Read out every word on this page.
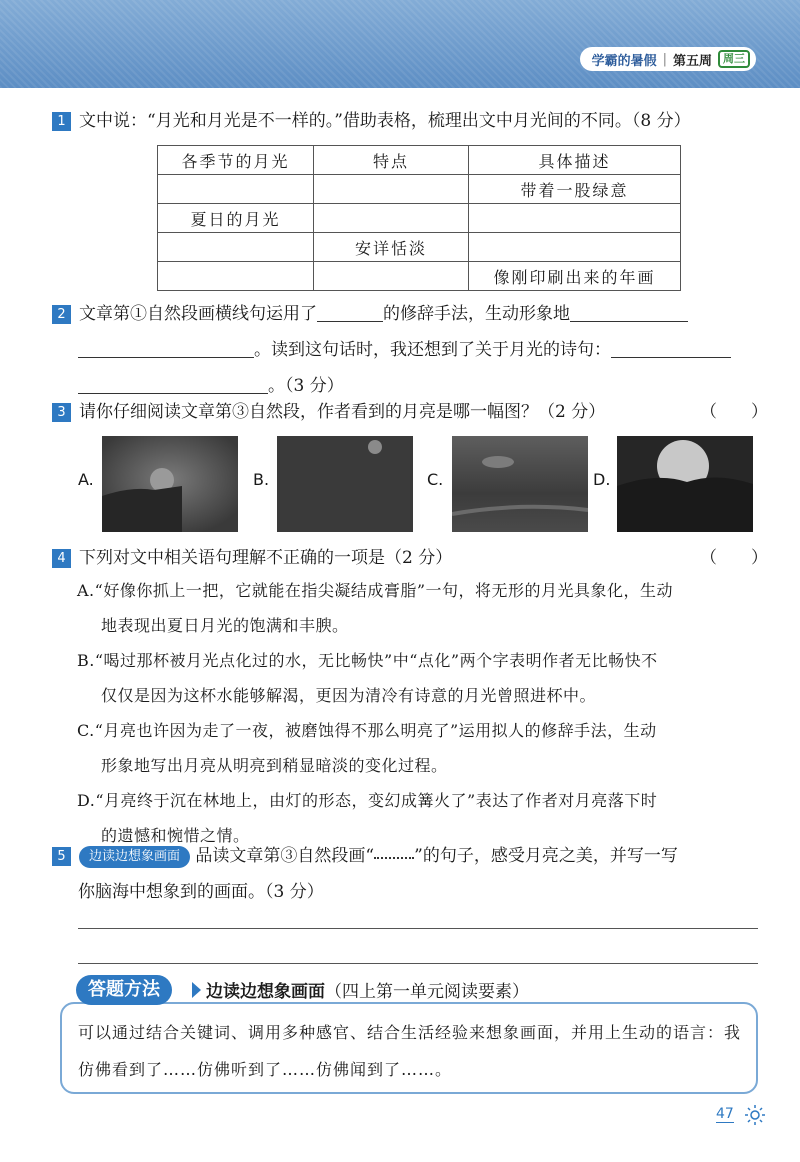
学霸的暑假 | 第五周	周三
1 文中说：“月光和月光是不一样的。”借助表格，梳理出文中月光间的不同。（8 分）
各季节的月光	特点	具体描述
		带着一股绿意
夏日的月光		
	安详恬淡	
		像刚印刷出来的年画
2 文章第①自然段画横线句运用了	的修辞手法，生动形象地
。读到这句话时，我还想到了关于月光的诗句：
。（3 分）
3 请你仔细阅读文章第③自然段，作者看到的月亮是哪一幅图？（2 分）	（　　）
A.	B.	C.	D.
4 下列对文中相关语句理解不正确的一项是（2 分）	（　　）
A.“好像你抓上一把，它就能在指尖凝结成膏脂”一句，将无形的月光具象化，生动
地表现出夏日月光的饱满和丰腴。
B.“喝过那杯被月光点化过的水，无比畅快”中“点化”两个字表明作者无比畅快不
仅仅是因为这杯水能够解渴，更因为清冷有诗意的月光曾照进杯中。
C.“月亮也许因为走了一夜，被磨蚀得不那么明亮了”运用拟人的修辞手法，生动
形象地写出月亮从明亮到稍显暗淡的变化过程。
D.“月亮终于沉在林地上，由灯的形态，变幻成篝火了”表达了作者对月亮落下时
的遗憾和惋惜之情。
5 边读边想象画面 品读文章第③自然段画“ ”的句子，感受月亮之美，并写一写
你脑海中想象到的画面。（3 分）
答题方法	边读边想象画面（四上第一单元阅读要素）
可以通过结合关键词、调用多种感官、结合生活经验来想象画面，并用上生动的语言：我仿佛看到了……仿佛听到了……仿佛闻到了……。
47
